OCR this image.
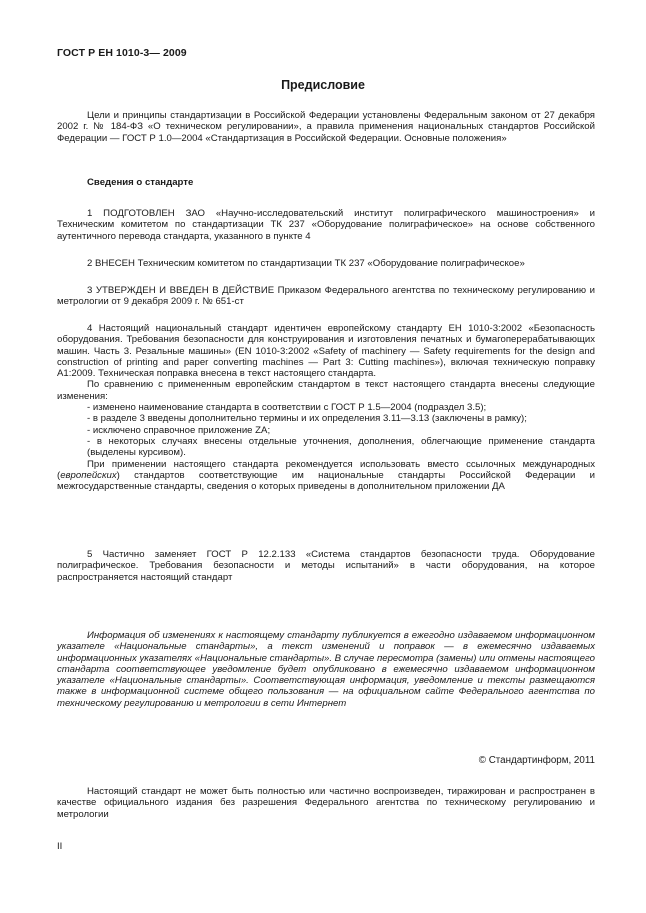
ГОСТ Р ЕН 1010-3— 2009
Предисловие

Цели и принципы стандартизации в Российской Федерации установлены Федеральным законом от 27 декабря 2002 г. № 184-ФЗ «О техническом регулировании», а правила применения национальных стандартов Российской Федерации — ГОСТ Р 1.0—2004 «Стандартизация в Российской Федерации. Основные положения»

Сведения о стандарте

1 ПОДГОТОВЛЕН ЗАО «Научно-исследовательский институт полиграфического машиностроения» и Техническим комитетом по стандартизации ТК 237 «Оборудование полиграфическое» на основе собственного аутентичного перевода стандарта, указанного в пункте 4

2 ВНЕСЕН Техническим комитетом по стандартизации ТК 237 «Оборудование полиграфическое»

3 УТВЕРЖДЕН И ВВЕДЕН В ДЕЙСТВИЕ Приказом Федерального агентства по техническому регулированию и метрологии от 9 декабря 2009 г. № 651-ст

4 Настоящий национальный стандарт идентичен европейскому стандарту ЕН 1010-3:2002 «Безопасность оборудования. Требования безопасности для конструирования и изготовления печатных и бумагоперерабатывающих машин. Часть 3. Резальные машины» (EN 1010-3:2002 «Safety of machinery — Safety requirements for the design and construction of printing and paper converting machines — Part 3: Cutting machines»), включая техническую поправку А1:2009. Техническая поправка внесена в текст настоящего стандарта.

По сравнению с примененным европейским стандартом в текст настоящего стандарта внесены следующие изменения:

- изменено наименование стандарта в соответствии с ГОСТ Р 1.5—2004 (подраздел 3.5);

- в разделе 3 введены дополнительно термины и их определения 3.11—3.13 (заключены в рамку);

- исключено справочное приложение ZA;

- в некоторых случаях внесены отдельные уточнения, дополнения, облегчающие применение стандарта (выделены курсивом).

При применении настоящего стандарта рекомендуется использовать вместо ссылочных международных (европейских) стандартов соответствующие им национальные стандарты Российской Федерации и межгосударственные стандарты, сведения о которых приведены в дополнительном приложении ДА

5 Частично заменяет ГОСТ Р 12.2.133 «Система стандартов безопасности труда. Оборудование полиграфическое. Требования безопасности и методы испытаний» в части оборудования, на которое распространяется настоящий стандарт

Информация об изменениях к настоящему стандарту публикуется в ежегодно издаваемом информационном указателе «Национальные стандарты», а текст изменений и поправок — в ежемесячно издаваемых информационных указателях «Национальные стандарты». В случае пересмотра (замены) или отмены настоящего стандарта соответствующее уведомление будет опубликовано в ежемесячно издаваемом информационном указателе «Национальные стандарты». Соответствующая информация, уведомление и тексты размещаются также в информационной системе общего пользования — на официальном сайте Федерального агентства по техническому регулированию и метрологии в сети Интернет

© Стандартинформ, 2011

Настоящий стандарт не может быть полностью или частично воспроизведен, тиражирован и распространен в качестве официального издания без разрешения Федерального агентства по техническому регулированию и метрологии

II
